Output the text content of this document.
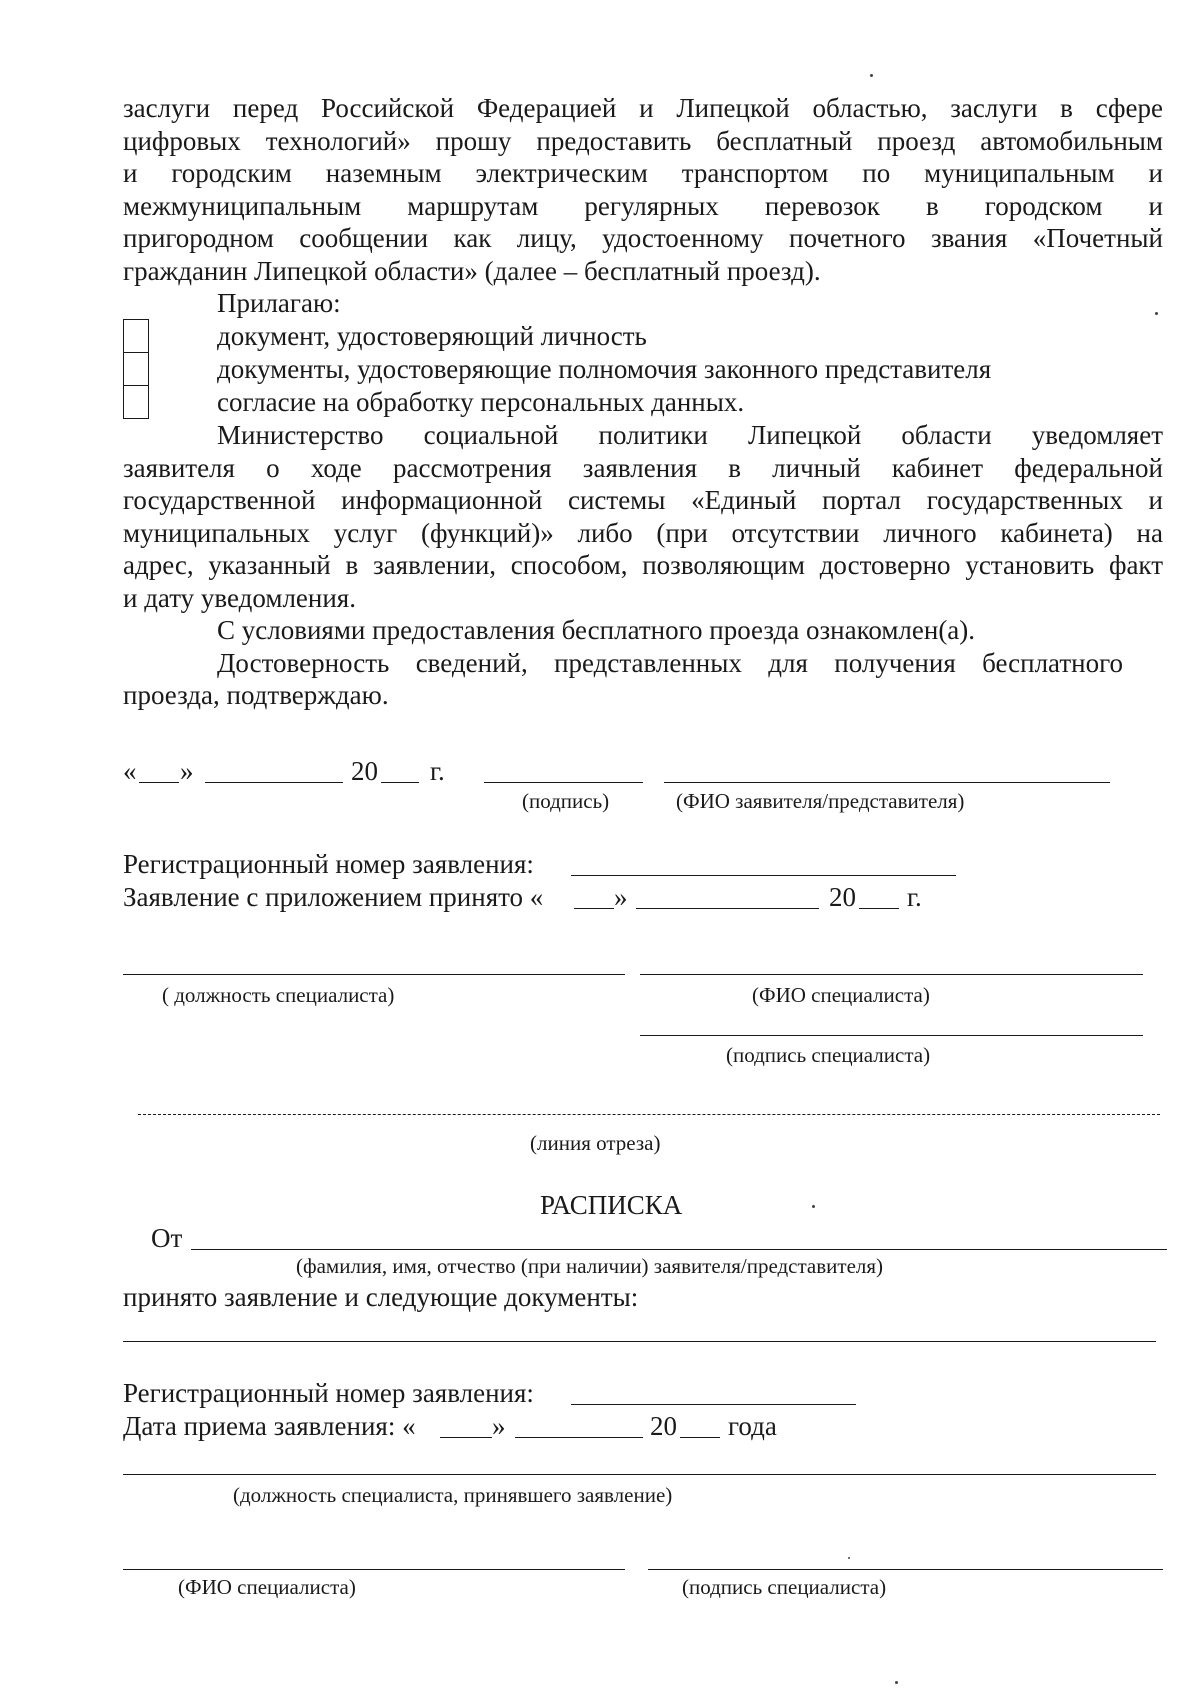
заслуги перед Российской Федерацией и Липецкой областью, заслуги в сфере
цифровых технологий» прошу предоставить бесплатный проезд автомобильным
и городским наземным электрическим транспортом по муниципальным и
межмуниципальным маршрутам регулярных перевозок в городском и
пригородном сообщении как лицу, удостоенному почетного звания «Почетный
гражданин Липецкой области» (далее – бесплатный проезд).
Прилагаю:
документ, удостоверяющий личность
документы, удостоверяющие полномочия законного представителя
согласие на обработку персональных данных.
Министерство социальной политики Липецкой области уведомляет
заявителя о ходе рассмотрения заявления в личный кабинет федеральной
государственной информационной системы «Единый портал государственных и
муниципальных услуг (функций)» либо (при отсутствии личного кабинета) на
адрес, указанный в заявлении, способом, позволяющим достоверно установить факт
и дату уведомления.
С условиями предоставления бесплатного проезда ознакомлен(а).
Достоверность сведений, представленных для получения бесплатного
проезда, подтверждаю.
« »	20 г.
(подпись)	(ФИО заявителя/представителя)
Регистрационный номер заявления:
Заявление с приложением принято «	»	20 г.
( должность специалиста)	(ФИО специалиста)
(подпись специалиста)
(линия отреза)
РАСПИСКА
От
(фамилия, имя, отчество (при наличии) заявителя/представителя)
принято заявление и следующие документы:
Регистрационный номер заявления:
Дата приема заявления: «	»	20 года
(должность специалиста, принявшего заявление)
(ФИО специалиста)	(подпись специалиста)
